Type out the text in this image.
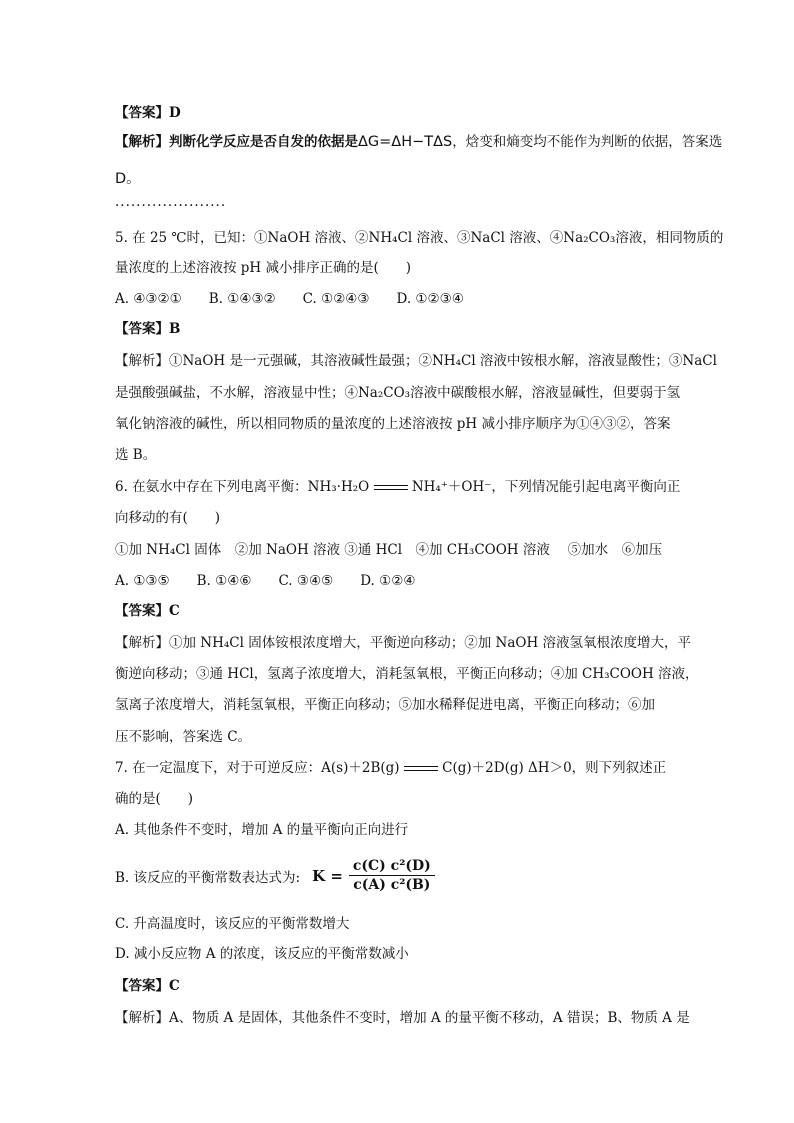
【答案】D
【解析】判断化学反应是否自发的依据是ΔG=ΔH−TΔS，焓变和熵变均不能作为判断的依据，答案选
D。
·····················
5. 在 25 ℃时，已知：①NaOH 溶液、②NH₄Cl 溶液、③NaCl 溶液、④Na₂CO₃溶液，相同物质的
量浓度的上述溶液按 pH 减小排序正确的是(　　)
A. ④③②①　　B. ①④③②　　C. ①②④③　　D. ①②③④
【答案】B
【解析】①NaOH 是一元强碱，其溶液碱性最强；②NH₄Cl 溶液中铵根水解，溶液显酸性；③NaCl
是强酸强碱盐，不水解，溶液显中性；④Na₂CO₃溶液中碳酸根水解，溶液显碱性，但要弱于氢
氧化钠溶液的碱性，所以相同物质的量浓度的上述溶液按 pH 减小排序顺序为①④③②，答案
选 B。
6. 在氨水中存在下列电离平衡：NH₃·H₂O	NH₄⁺＋OH⁻，下列情况能引起电离平衡向正
向移动的有(　　)
①加 NH₄Cl 固体　②加 NaOH 溶液 ③通 HCl　④加 CH₃COOH 溶液　 ⑤加水　⑥加压
A. ①③⑤　　B. ①④⑥　　C. ③④⑤　　D. ①②④
【答案】C
【解析】①加 NH₄Cl 固体铵根浓度增大，平衡逆向移动；②加 NaOH 溶液氢氧根浓度增大，平
衡逆向移动；③通 HCl，氢离子浓度增大，消耗氢氧根，平衡正向移动；④加 CH₃COOH 溶液，
氢离子浓度增大，消耗氢氧根，平衡正向移动；⑤加水稀释促进电离，平衡正向移动；⑥加
压不影响，答案选 C。
7. 在一定温度下，对于可逆反应：A(s)＋2B(g)	C(g)＋2D(g) ΔH＞0，则下列叙述正
确的是(　　)
A. 其他条件不变时，增加 A 的量平衡向正向进行
B. 该反应的平衡常数表达式为: $K = \frac{\text{c(C) c²(D)}}{\text{c(A) c²(B)}}$
C. 升高温度时，该反应的平衡常数增大
D. 减小反应物 A 的浓度，该反应的平衡常数减小
【答案】C
【解析】A、物质 A 是固体，其他条件不变时，增加 A 的量平衡不移动，A 错误；B、物质 A 是
